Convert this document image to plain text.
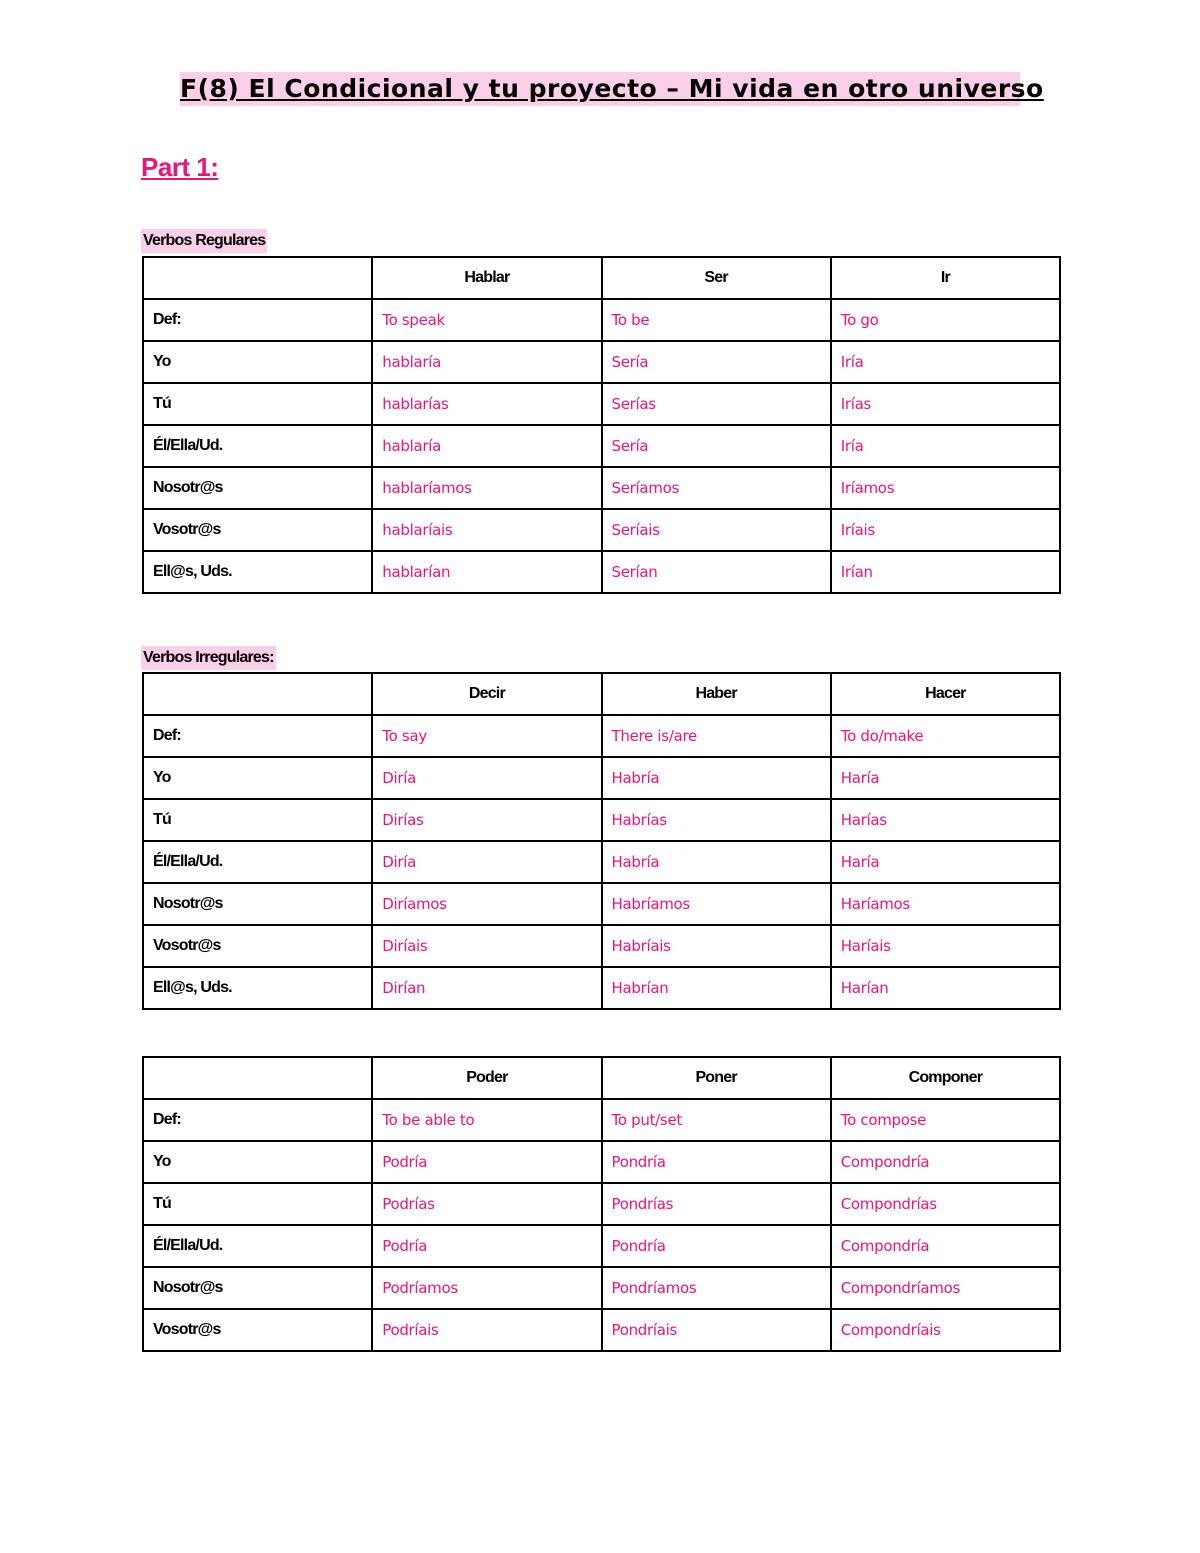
F(8) El Condicional y tu proyecto – Mi vida en otro universo
Part 1:
Verbos Regulares
Verbos Irregulares:
	Hablar	Ser	Ir
Def:	To speak	To be	To go
Yo	hablaría	Sería	Iría
Tú	hablarías	Serías	Irías
Él/Ella/Ud.	hablaría	Sería	Iría
Nosotr@s	hablaríamos	Seríamos	Iríamos
Vosotr@s	hablaríais	Seríais	Iríais
Ell@s, Uds.	hablarían	Serían	Irían
	Decir	Haber	Hacer
Def:	To say	There is/are	To do/make
Yo	Diría	Habría	Haría
Tú	Dirías	Habrías	Harías
Él/Ella/Ud.	Diría	Habría	Haría
Nosotr@s	Diríamos	Habríamos	Haríamos
Vosotr@s	Diríais	Habríais	Haríais
Ell@s, Uds.	Dirían	Habrían	Harían
	Poder	Poner	Componer
Def:	To be able to	To put/set	To compose
Yo	Podría	Pondría	Compondría
Tú	Podrías	Pondrías	Compondrías
Él/Ella/Ud.	Podría	Pondría	Compondría
Nosotr@s	Podríamos	Pondríamos	Compondríamos
Vosotr@s	Podríais	Pondríais	Compondríais
